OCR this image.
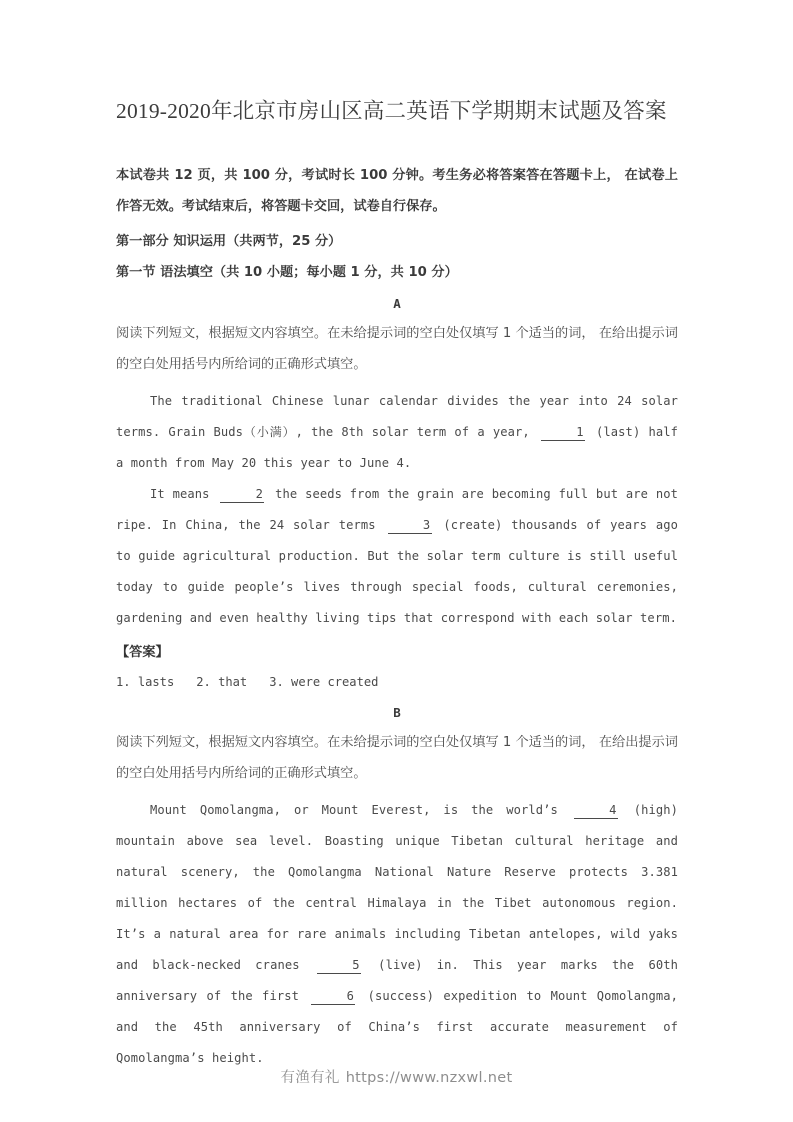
2019-2020年北京市房山区高二英语下学期期末试题及答案

本试卷共 12 页，共 100 分，考试时长 100 分钟。考生务必将答案答在答题卡上， 在试卷上作答无效。考试结束后，将答题卡交回，试卷自行保存。

第一部分 知识运用（共两节，25 分）

第一节 语法填空（共 10 小题；每小题 1 分，共 10 分）

A

阅读下列短文，根据短文内容填空。在未给提示词的空白处仅填写 1 个适当的词， 在给出提示词的空白处用括号内所给词的正确形式填空。

The traditional Chinese lunar calendar divides the year into 24 solar terms. Grain Buds（小满）, the 8th solar term of a year,	1 (last) half a month from May 20 this year to June 4.

It means	2 the seeds from the grain are becoming full but are not ripe. In China, the 24 solar terms	3 (create) thousands of years ago to guide agricultural production. But the solar term culture is still useful today to guide people’s lives through special foods, cultural ceremonies, gardening and even healthy living tips that correspond with each solar term.

【答案】

1. lasts 2. that 3. were created

B

阅读下列短文，根据短文内容填空。在未给提示词的空白处仅填写 1 个适当的词， 在给出提示词的空白处用括号内所给词的正确形式填空。

Mount Qomolangma, or Mount Everest, is the world’s	4 (high) mountain above sea level. Boasting unique Tibetan cultural heritage and natural scenery, the Qomolangma National Nature Reserve protects 3.381 million hectares of the central Himalaya in the Tibet autonomous region. It’s a natural area for rare animals including Tibetan antelopes, wild yaks and black-necked cranes	5 (live) in. This year marks the 60th anniversary of the first	6 (success) expedition to Mount Qomolangma, and the 45th anniversary of China’s first accurate measurement of Qomolangma’s height.

有渔有礼 https://www.nzxwl.net
